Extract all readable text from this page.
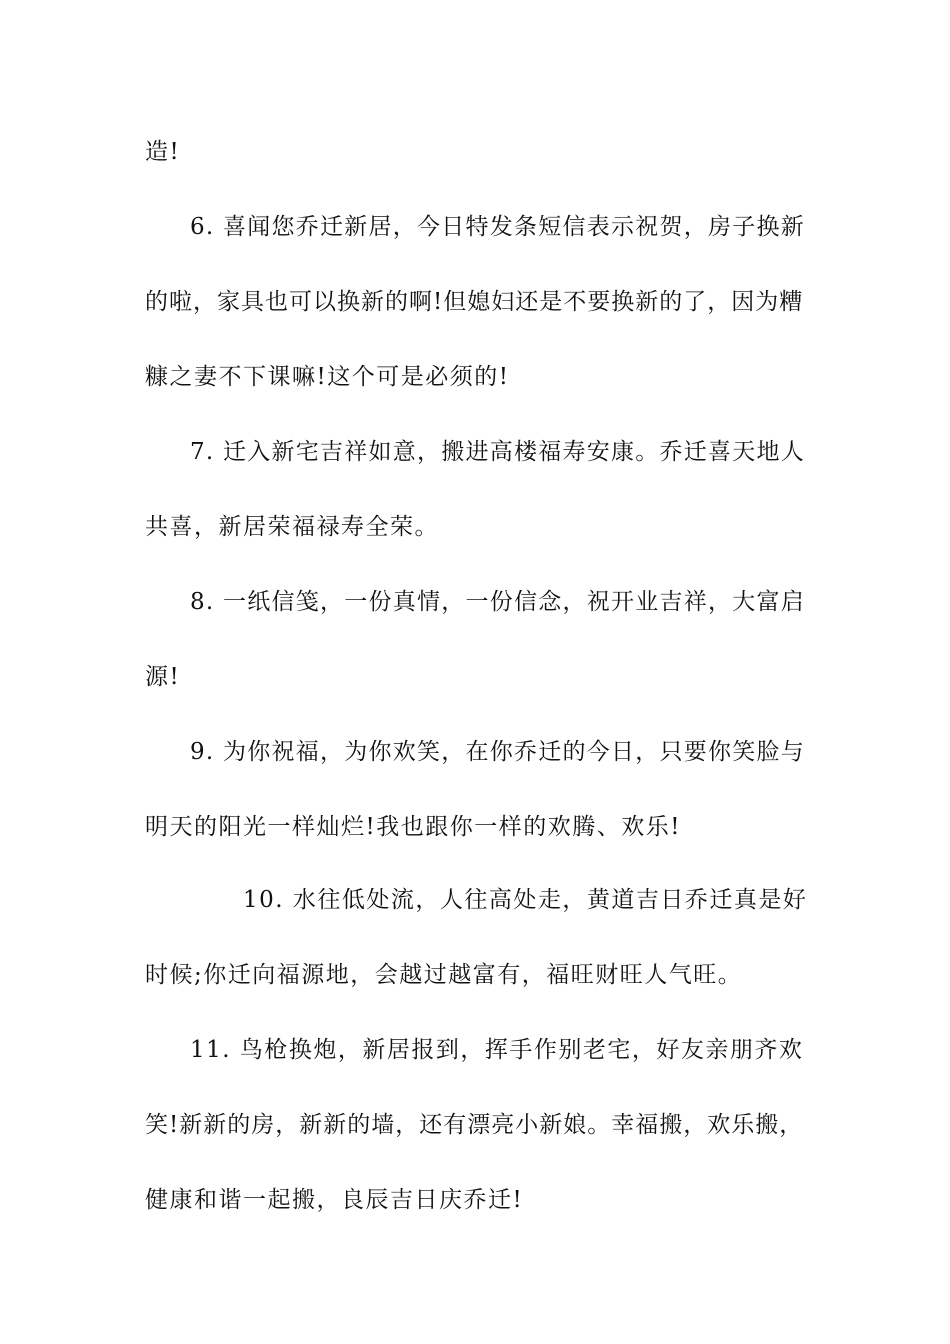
造!
6. 喜闻您乔迁新居，今日特发条短信表示祝贺，房子换新
的啦，家具也可以换新的啊!但媳妇还是不要换新的了，因为糟
糠之妻不下课嘛!这个可是必须的!
7. 迁入新宅吉祥如意，搬进高楼福寿安康。乔迁喜天地人
共喜，新居荣福禄寿全荣。
8. 一纸信笺，一份真情，一份信念，祝开业吉祥，大富启
源!
9. 为你祝福，为你欢笑，在你乔迁的今日，只要你笑脸与
明天的阳光一样灿烂!我也跟你一样的欢腾、欢乐!
10. 水往低处流，人往高处走，黄道吉日乔迁真是好
时候;你迁向福源地，会越过越富有，福旺财旺人气旺。
11. 鸟枪换炮，新居报到，挥手作别老宅，好友亲朋齐欢
笑!新新的房，新新的墙，还有漂亮小新娘。幸福搬，欢乐搬，
健康和谐一起搬，良辰吉日庆乔迁!
